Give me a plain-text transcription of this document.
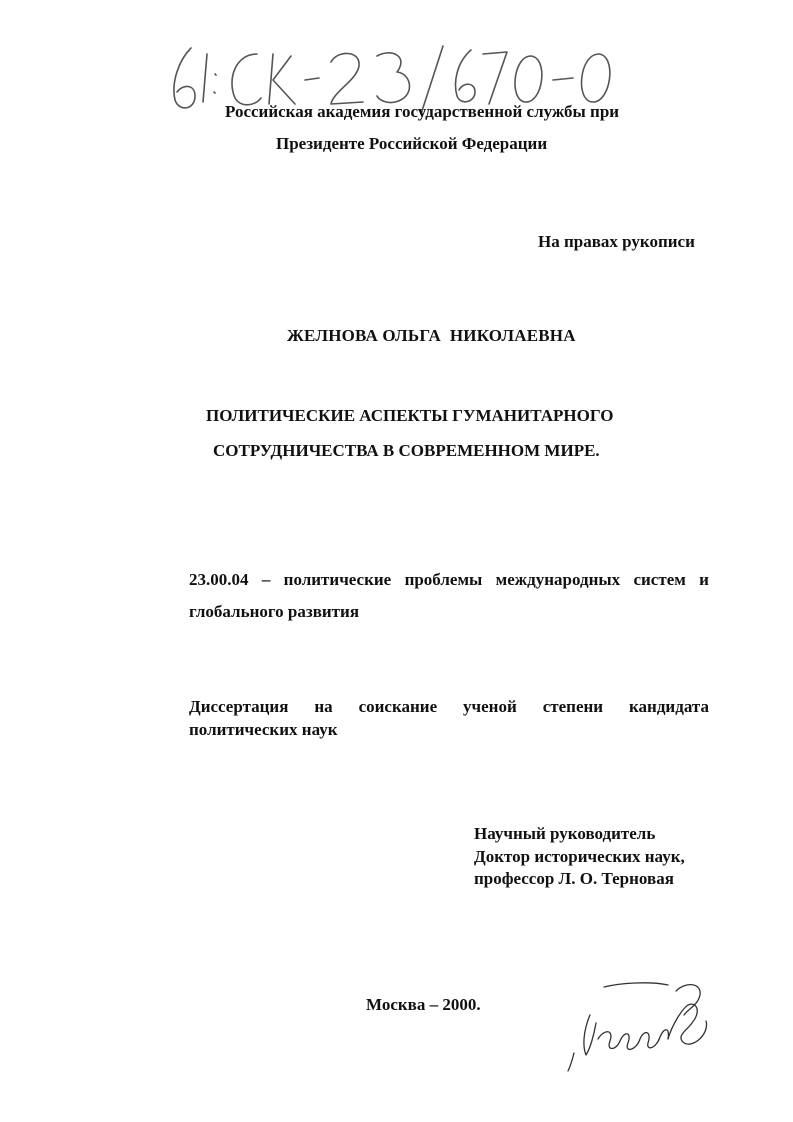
Российская академия государственной службы при
Президенте Российской Федерации
На правах рукописи
ЖЕЛНОВА ОЛЬГА  НИКОЛАЕВНА
ПОЛИТИЧЕСКИЕ АСПЕКТЫ ГУМАНИТАРНОГО
СОТРУДНИЧЕСТВА В СОВРЕМЕННОМ МИРЕ.
23.00.04 – политические проблемы международных систем и
глобального развития
Диссертация на соискание ученой степени кандидата
политических наук
Научный руководитель
Доктор исторических наук,
профессор Л. О. Терновая
Москва – 2000.
